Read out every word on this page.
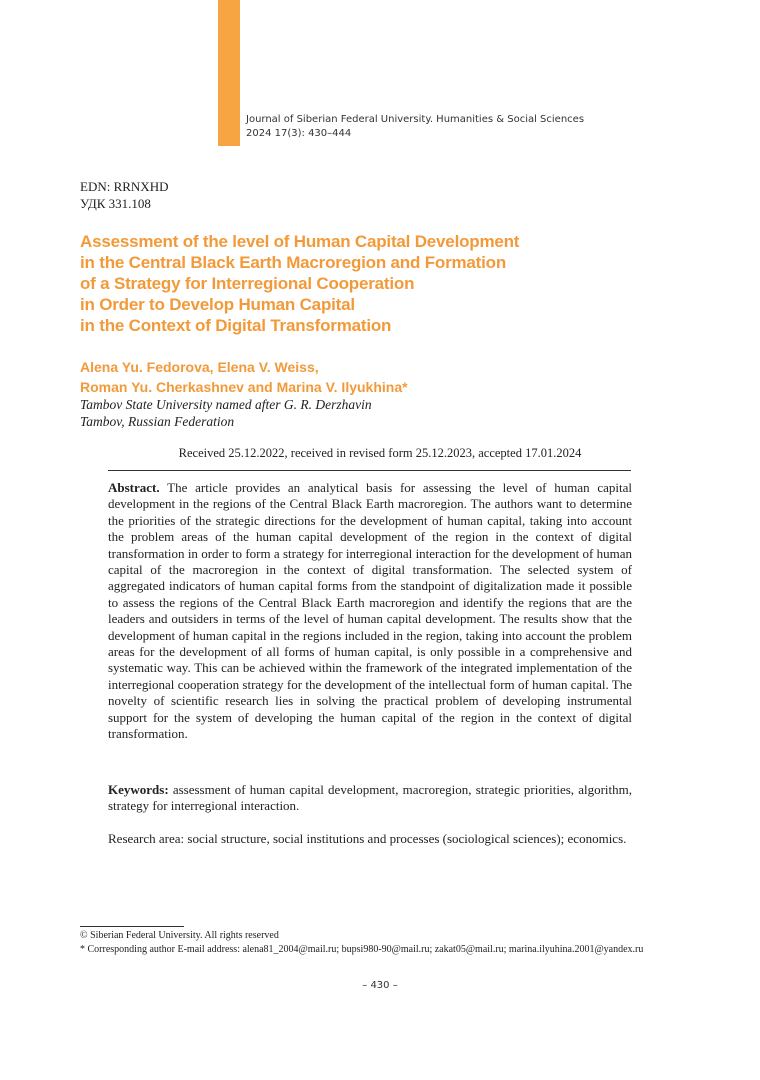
Journal of Siberian Federal University. Humanities & Social Sciences
2024 17(3): 430–444
EDN: RRNXHD
УДК 331.108
Assessment of the level of Human Capital Development
in the Central Black Earth Macroregion and Formation
of a Strategy for Interregional Cooperation
in Order to Develop Human Capital
in the Context of Digital Transformation
Alena Yu. Fedorova, Elena V. Weiss,
Roman Yu. Cherkashnev and Marina V. Ilyukhina*
Tambov State University named after G. R. Derzhavin
Tambov, Russian Federation
Received 25.12.2022, received in revised form 25.12.2023, accepted 17.01.2024

Abstract. The article provides an analytical basis for assessing the level of human capital development in the regions of the Central Black Earth macroregion. The authors want to determine the priorities of the strategic directions for the development of human capital, taking into account the problem areas of the human capital development of the region in the context of digital transformation in order to form a strategy for interregional interaction for the development of human capital of the macroregion in the context of digital transformation. The selected system of aggregated indicators of human capital forms from the standpoint of digitalization made it possible to assess the regions of the Central Black Earth macroregion and identify the regions that are the leaders and outsiders in terms of the level of human capital development. The results show that the development of human capital in the regions included in the region, taking into account the problem areas for the development of all forms of human capital, is only possible in a comprehensive and systematic way. This can be achieved within the framework of the integrated implementation of the interregional cooperation strategy for the development of the intellectual form of human capital. The novelty of scientific research lies in solving the practical problem of developing instrumental support for the system of developing the human capital of the region in the context of digital transformation.

Keywords: assessment of human capital development, macroregion, strategic priorities, algorithm, strategy for interregional interaction.

Research area: social structure, social institutions and processes (sociological sciences); economics.

© Siberian Federal University. All rights reserved

* Corresponding author E-mail address: alena81_2004@mail.ru; bupsi980-90@mail.ru; zakat05@mail.ru; marina.ilyuhina.2001@yandex.ru

– 430 –
